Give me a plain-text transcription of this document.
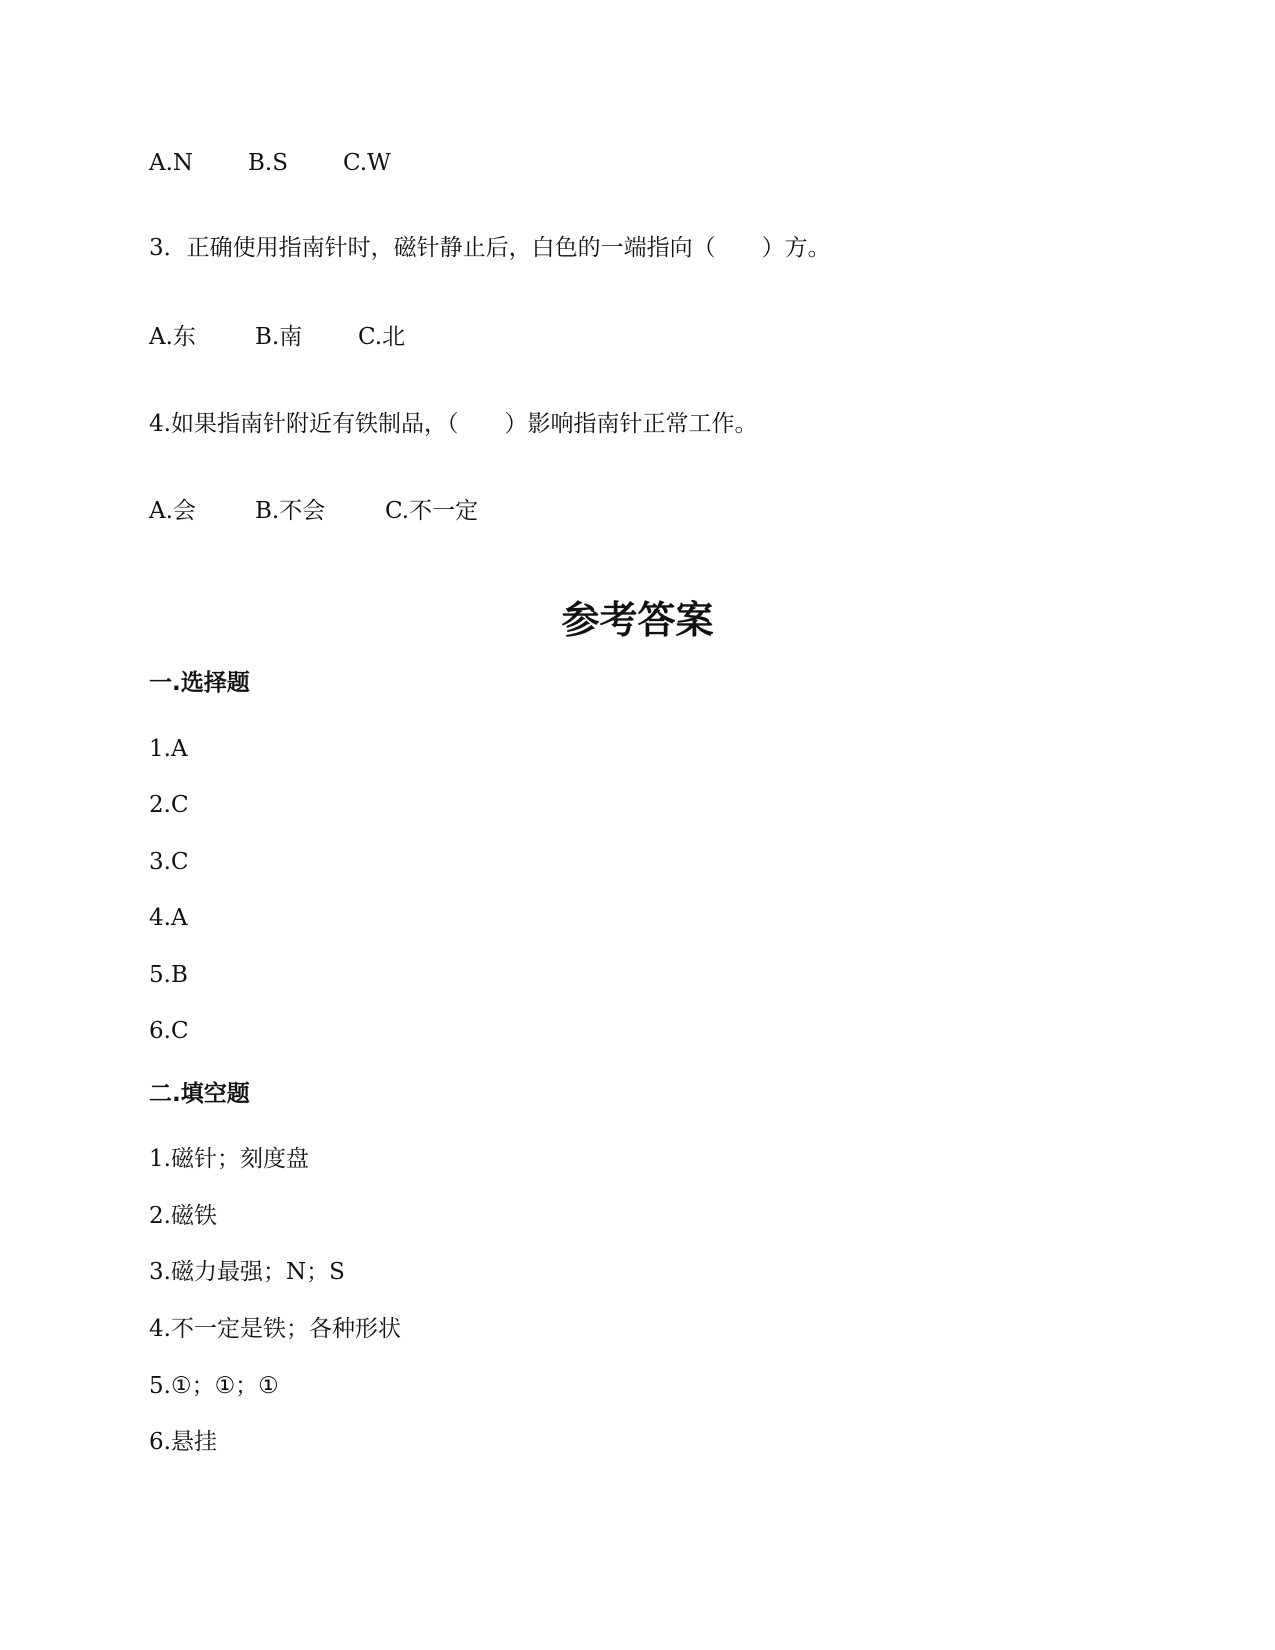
A.N B.S C.W
3．正确使用指南针时，磁针静止后，白色的一端指向（　　）方。
A.东	B.南 C.北
4.如果指南针附近有铁制品，（　　）影响指南针正常工作。
A.会	B.不会	C.不一定
参考答案
一.选择题
1.A
2.C
3.C
4.A
5.B
6.C
二.填空题
1.磁针；刻度盘
2.磁铁
3.磁力最强；N；S
4.不一定是铁；各种形状
5.①；①；①
6.悬挂
